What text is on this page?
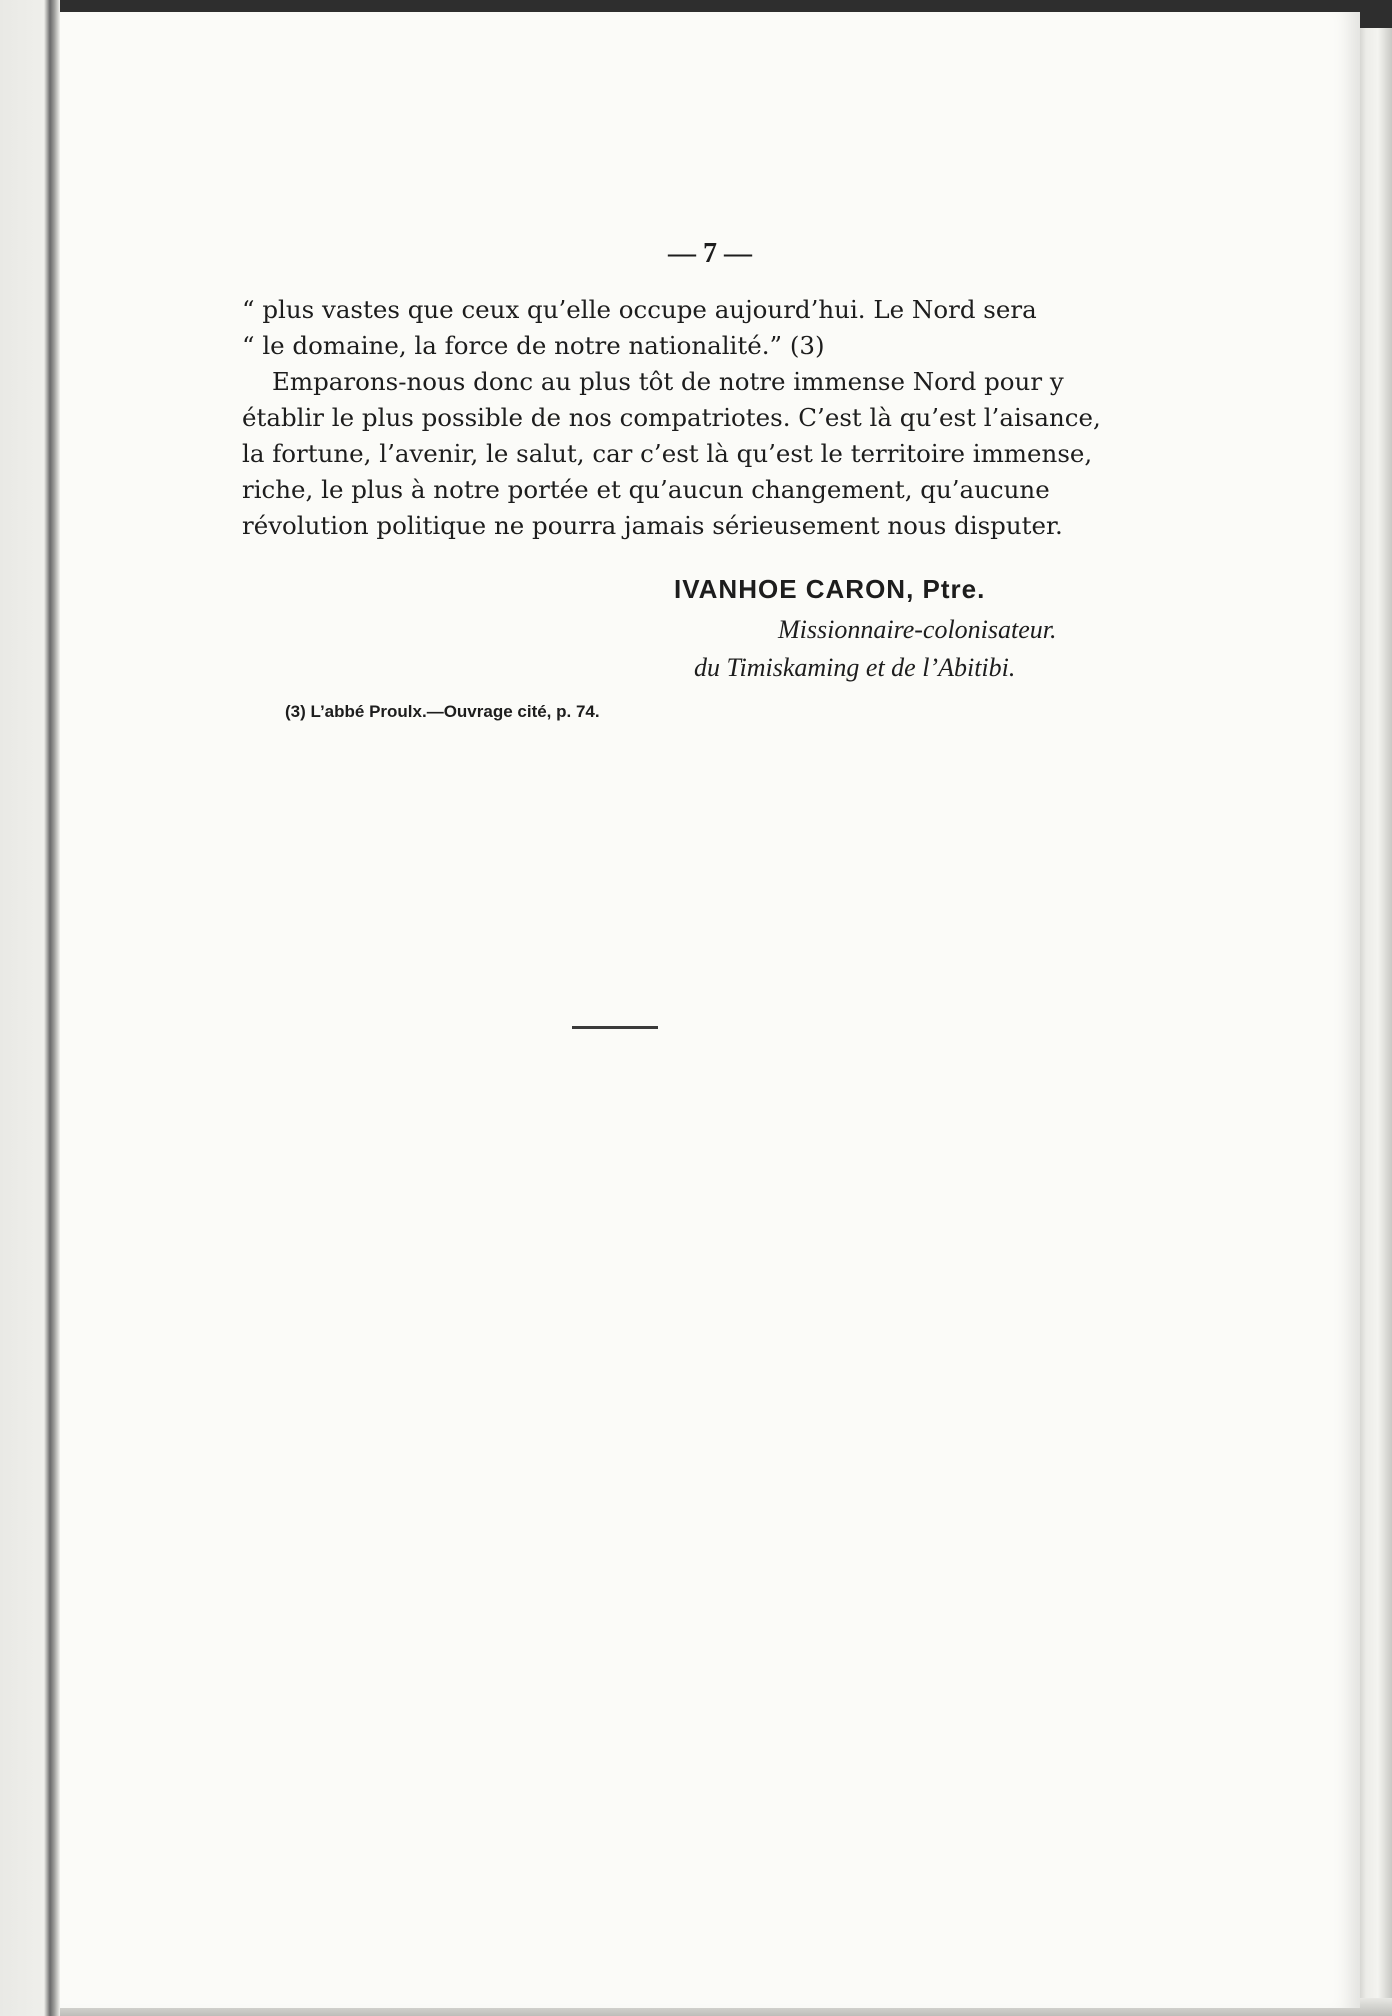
— 7 —
“ plus vastes que ceux qu’elle occupe aujourd’hui. Le Nord sera
“ le domaine, la force de notre nationalité.” (3)
Emparons-nous donc au plus tôt de notre immense Nord pour y
établir le plus possible de nos compatriotes. C’est là qu’est l’aisance,
la fortune, l’avenir, le salut, car c’est là qu’est le territoire immense,
riche, le plus à notre portée et qu’aucun changement, qu’aucune
révolution politique ne pourra jamais sérieusement nous disputer.
IVANHOE CARON, Ptre.
Missionnaire-colonisateur.
du Timiskaming et de l’Abitibi.
(3) L’abbé Proulx.—Ouvrage cité, p. 74.
